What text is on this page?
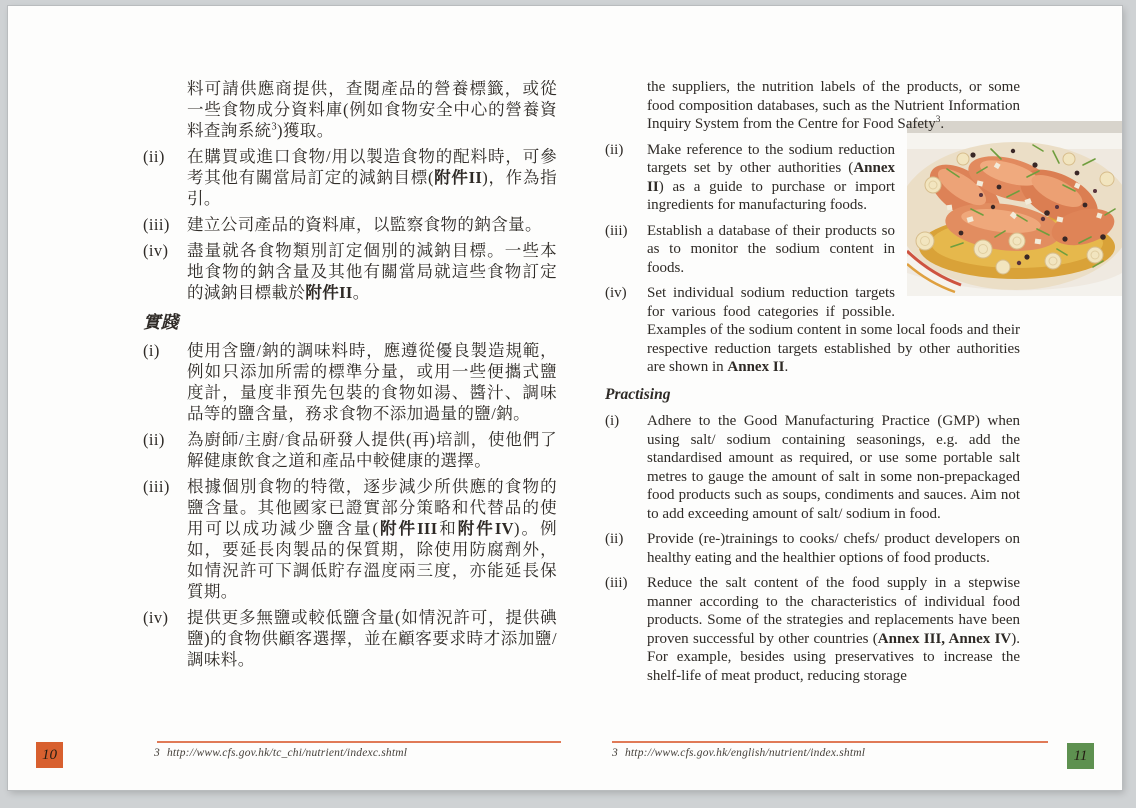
料可請供應商提供，查閱產品的營養標籤，或從一些食物成分資料庫(例如食物安全中心的營養資料查詢系統$^3$)獲取。

(ii) 在購買或進口食物/用以製造食物的配料時，可參考其他有關當局訂定的減鈉目標(附件II)，作為指引。
(iii) 建立公司產品的資料庫，以監察食物的鈉含量。
(iv) 盡量就各食物類別訂定個別的減鈉目標。一些本地食物的鈉含量及其他有關當局就這些食物訂定的減鈉目標載於附件II。
實踐
(i) 使用含鹽/鈉的調味料時，應遵從優良製造規範，例如只添加所需的標準分量，或用一些便攜式鹽度計，量度非預先包裝的食物如湯、醬汁、調味品等的鹽含量，務求食物不添加過量的鹽/鈉。
(ii) 為廚師/主廚/食品研發人提供(再)培訓，使他們了解健康飲食之道和產品中較健康的選擇。
(iii) 根據個別食物的特徵，逐步減少所供應的食物的鹽含量。其他國家已證實部分策略和代替品的使用可以成功減少鹽含量(附件III和附件IV)。例如，要延長肉製品的保質期，除使用防腐劑外，如情況許可下調低貯存溫度兩三度，亦能延長保質期。
(iv) 提供更多無鹽或較低鹽含量(如情況許可，提供碘鹽)的食物供顧客選擇，並在顧客要求時才添加鹽/調味料。

the suppliers, the nutrition labels of the products, or some food composition databases, such as the Nutrient Information Inquiry System from the Centre for Food Safety$^3$.

(ii) Make reference to the sodium reduction targets set by other authorities (Annex II) as a guide to purchase or import ingredients for manufacturing foods.
(iii) Establish a database of their products so as to monitor the sodium content in foods.
(iv) Set individual sodium reduction targets for various food categories if possible. Examples of the sodium content in some local foods and their respective reduction targets established by other authorities are shown in Annex II.
Practising
(i) Adhere to the Good Manufacturing Practice (GMP) when using salt/ sodium containing seasonings, e.g. add the standardised amount as required, or use some portable salt metres to gauge the amount of salt in some non-prepackaged food products such as soups, condiments and sauces. Aim not to add exceeding amount of salt/ sodium in food.
(ii) Provide (re-)trainings to cooks/ chefs/ product developers on healthy eating and the healthier options of food products.
(iii) Reduce the salt content of the food supply in a stepwise manner according to the characteristics of individual food products. Some of the strategies and replacements have been proven successful by other countries (Annex III, Annex IV). For example, besides using preservatives to increase the shelf-life of meat product, reducing storage
3 http://www.cfs.gov.hk/tc_chi/nutrient/indexc.shtml	3 http://www.cfs.gov.hk/english/nutrient/index.shtml
10	11
